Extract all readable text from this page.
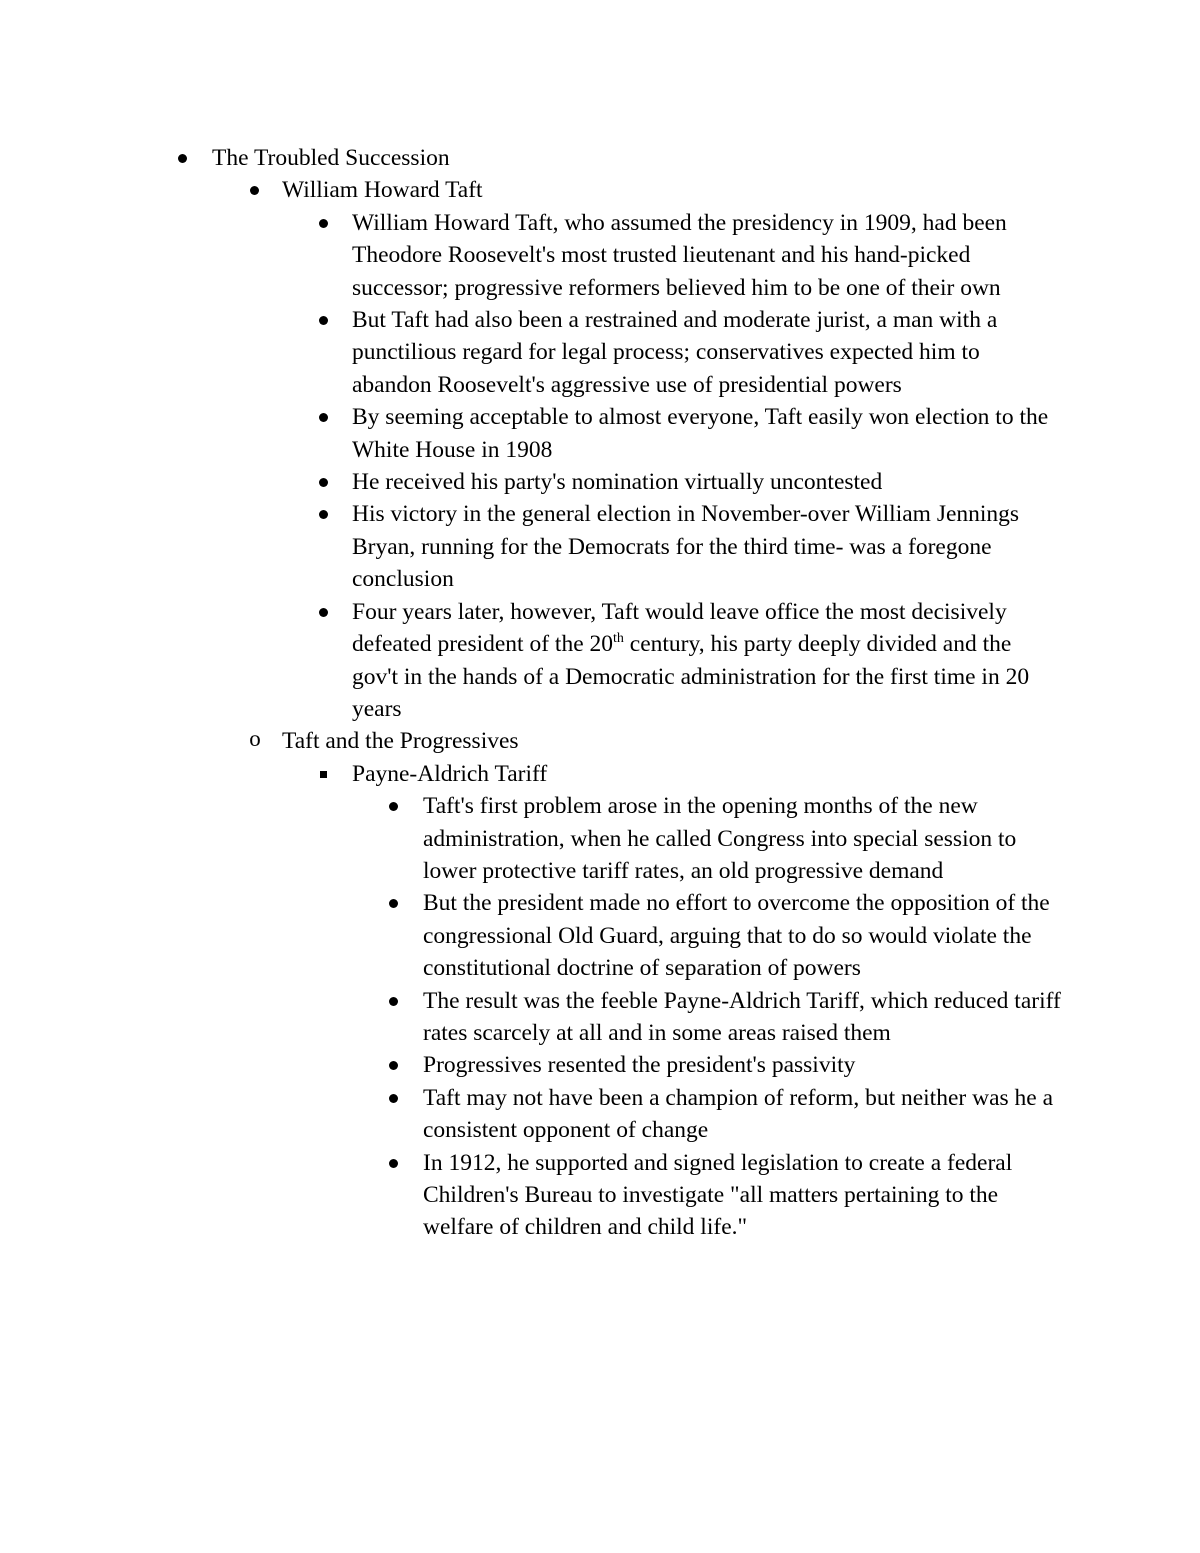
The Troubled Succession
William Howard Taft
William Howard Taft, who assumed the presidency in 1909, had been Theodore Roosevelt's most trusted lieutenant and his hand-picked successor; progressive reformers believed him to be one of their own
But Taft had also been a restrained and moderate jurist, a man with a punctilious regard for legal process; conservatives expected him to abandon Roosevelt's aggressive use of presidential powers
By seeming acceptable to almost everyone, Taft easily won election to the White House in 1908
He received his party's nomination virtually uncontested
His victory in the general election in November-over William Jennings Bryan, running for the Democrats for the third time- was a foregone conclusion
Four years later, however, Taft would leave office the most decisively defeated president of the 20th century, his party deeply divided and the gov't in the hands of a Democratic administration for the first time in 20 years
o Taft and the Progressives
Payne-Aldrich Tariff
Taft's first problem arose in the opening months of the new administration, when he called Congress into special session to lower protective tariff rates, an old progressive demand
But the president made no effort to overcome the opposition of the congressional Old Guard, arguing that to do so would violate the constitutional doctrine of separation of powers
The result was the feeble Payne-Aldrich Tariff, which reduced tariff rates scarcely at all and in some areas raised them
Progressives resented the president's passivity
Taft may not have been a champion of reform, but neither was he a consistent opponent of change
In 1912, he supported and signed legislation to create a federal Children's Bureau to investigate "all matters pertaining to the welfare of children and child life."
